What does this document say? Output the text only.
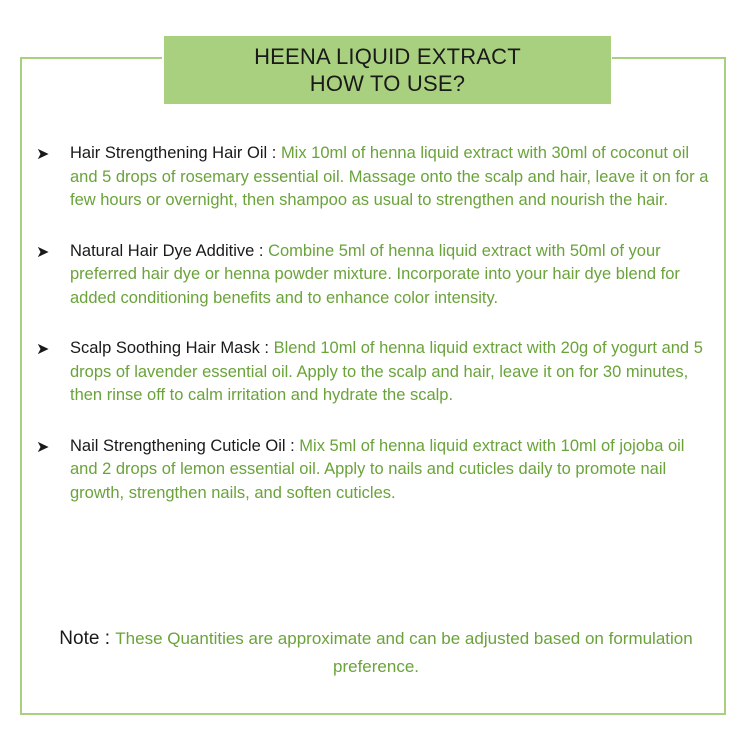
HEENA LIQUID EXTRACT
HOW TO USE?
➤ Hair Strengthening Hair Oil : Mix 10ml of henna liquid extract with 30ml of coconut oil and 5 drops of rosemary essential oil. Massage onto the scalp and hair, leave it on for a few hours or overnight, then shampoo as usual to strengthen and nourish the hair.
➤ Natural Hair Dye Additive : Combine 5ml of henna liquid extract with 50ml of your preferred hair dye or henna powder mixture. Incorporate into your hair dye blend for added conditioning benefits and to enhance color intensity.
➤ Scalp Soothing Hair Mask : Blend 10ml of henna liquid extract with 20g of yogurt and 5 drops of lavender essential oil. Apply to the scalp and hair, leave it on for 30 minutes, then rinse off to calm irritation and hydrate the scalp.
➤ Nail Strengthening Cuticle Oil : Mix 5ml of henna liquid extract with 10ml of jojoba oil and 2 drops of lemon essential oil. Apply to nails and cuticles daily to promote nail growth, strengthen nails, and soften cuticles.
Note : These Quantities are approximate and can be adjusted based on formulation preference.
